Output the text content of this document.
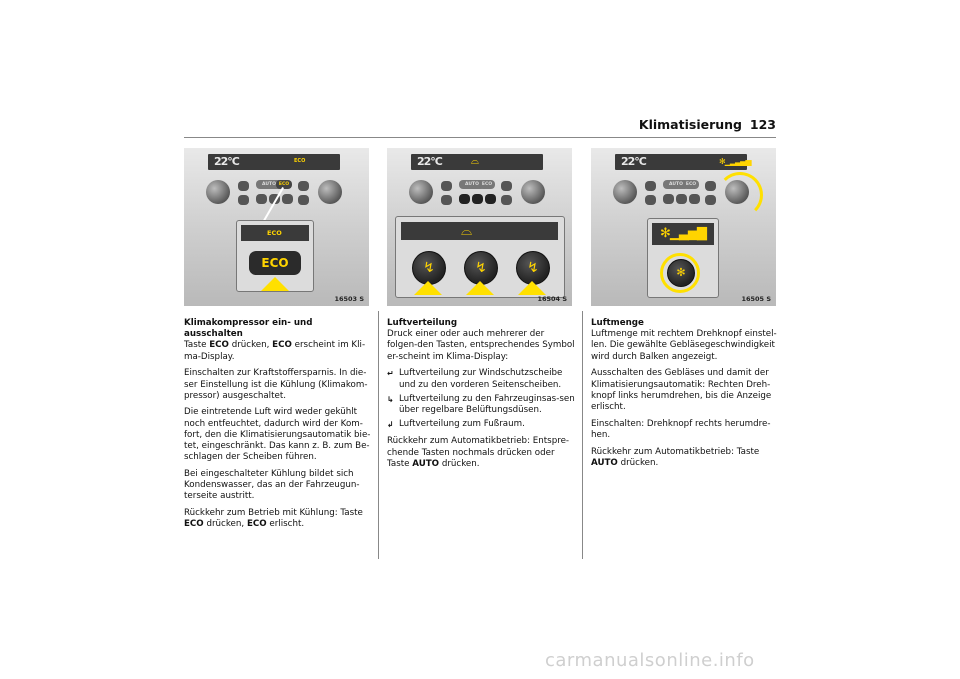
Klimatisierung 123
22°C	ECO
AUTO ECO
ECO
ECO
16503 S
22°C	⌓
AUTO ECO
⌓
↯	↯	↯
16504 S
22°C	✻▁▂▃▄▅
AUTO ECO
✻▁▃▅▇
✻
16505 S

Klimakompressor ein- und ausschalten
Taste ECO drücken, ECO erscheint im Kli-ma-Display.

Einschalten zur Kraftstoffersparnis. In die-ser Einstellung ist die Kühlung (Klimakom-pressor) ausgeschaltet.

Die eintretende Luft wird weder gekühlt noch entfeuchtet, dadurch wird der Kom-fort, den die Klimatisierungsautomatik bie-tet, eingeschränkt. Das kann z. B. zum Be-schlagen der Scheiben führen.

Bei eingeschalteter Kühlung bildet sich Kondenswasser, das an der Fahrzeugun-terseite austritt.

Rückkehr zum Betrieb mit Kühlung: Taste ECO drücken, ECO erlischt.

Luftverteilung
Druck einer oder auch mehrerer der folgen-den Tasten, entsprechendes Symbol er-scheint im Klima-Display:

↵ Luftverteilung zur Windschutzscheibe und zu den vorderen Seitenscheiben.
↳ Luftverteilung zu den Fahrzeuginsas-sen über regelbare Belüftungsdüsen.
↲ Luftverteilung zum Fußraum.

Rückkehr zum Automatikbetrieb: Entspre-chende Tasten nochmals drücken oder Taste AUTO drücken.

Luftmenge
Luftmenge mit rechtem Drehknopf einstel-len. Die gewählte Gebläsegeschwindigkeit wird durch Balken angezeigt.

Ausschalten des Gebläses und damit der Klimatisierungsautomatik: Rechten Dreh-knopf links herumdrehen, bis die Anzeige erlischt.

Einschalten: Drehknopf rechts herumdre-hen.

Rückkehr zum Automatikbetrieb: Taste AUTO drücken.

carmanualsonline.info
